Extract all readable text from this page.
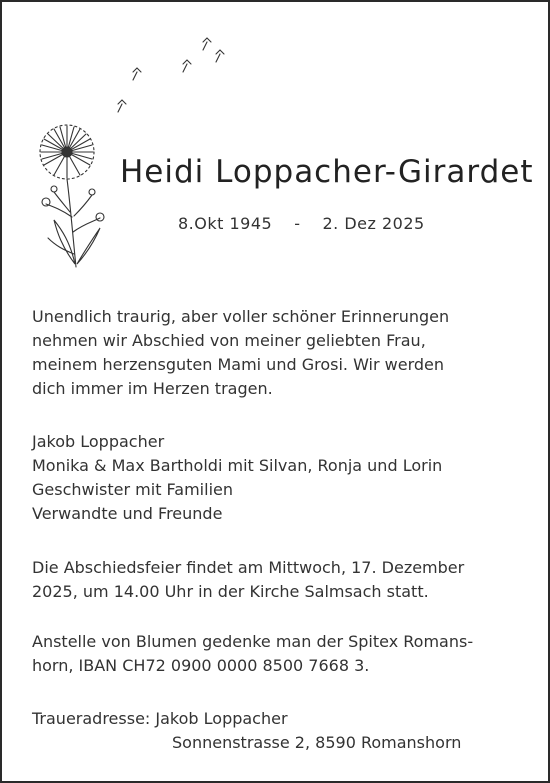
Heidi Loppacher-Girardet
8.Okt 1945 - 2. Dez 2025

Unendlich traurig, aber voller schöner Erinnerungen

nehmen wir Abschied von meiner geliebten Frau,

meinem herzensguten Mami und Grosi. Wir werden

dich immer im Herzen tragen.

Jakob Loppacher

Monika & Max Bartholdi mit Silvan, Ronja und Lorin

Geschwister mit Familien

Verwandte und Freunde

Die Abschiedsfeier findet am Mittwoch, 17. Dezember

2025, um 14.00 Uhr in der Kirche Salmsach statt.

Anstelle von Blumen gedenke man der Spitex Romans-

horn, IBAN CH72 0900 0000 8500 7668 3.

Traueradresse: Jakob Loppacher

Sonnenstrasse 2, 8590 Romanshorn
